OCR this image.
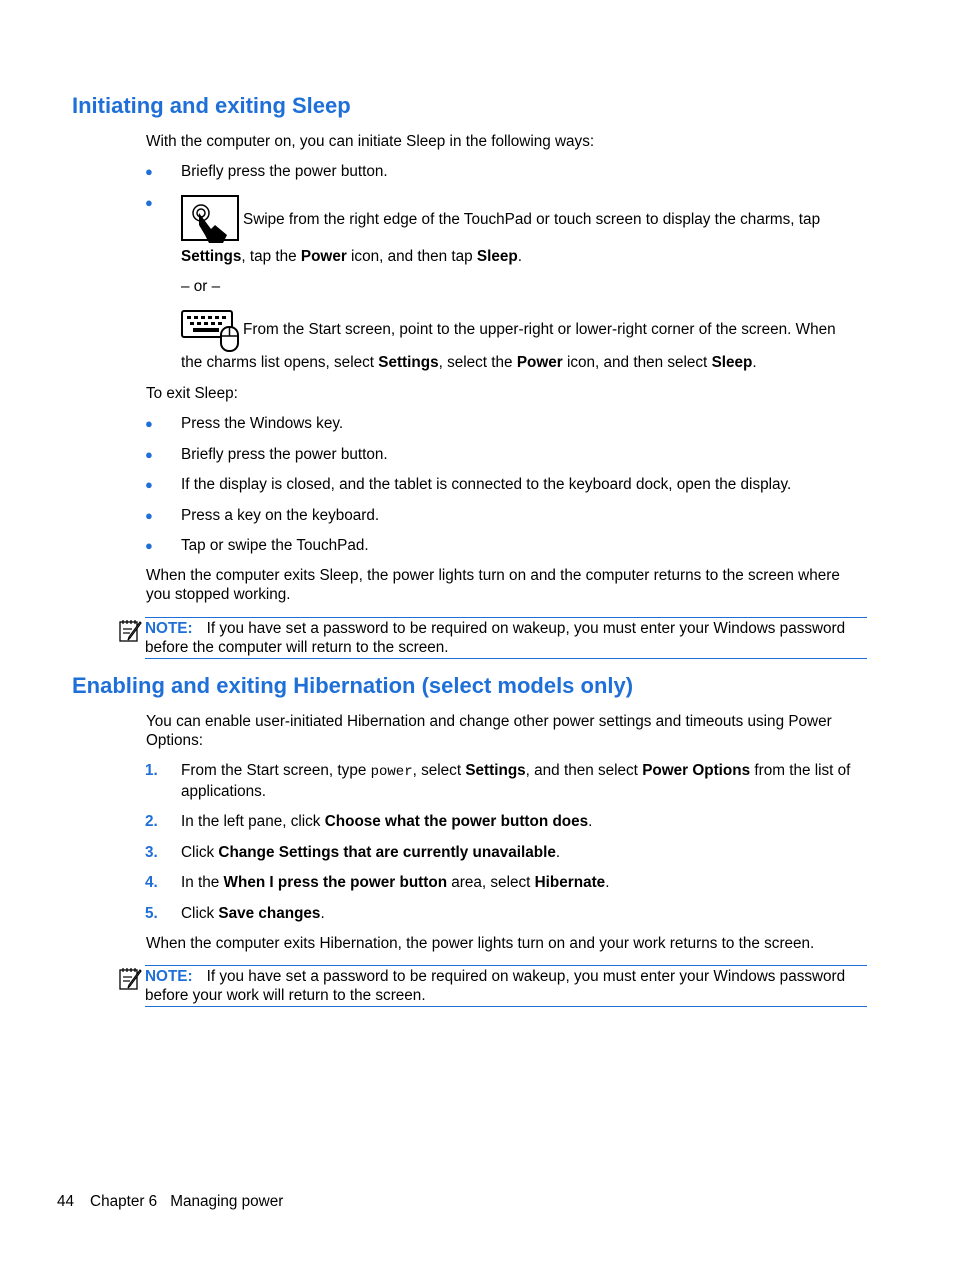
Initiating and exiting Sleep

With the computer on, you can initiate Sleep in the following ways:

● Briefly press the power button.

●

Swipe from the right edge of the TouchPad or touch screen to display the charms, tap

Settings, tap the Power icon, and then tap Sleep.

– or –

From the Start screen, point to the upper-right or lower-right corner of the screen. When

the charms list opens, select Settings, select the Power icon, and then select Sleep.

To exit Sleep:

● Press the Windows key.

● Briefly press the power button.

● If the display is closed, and the tablet is connected to the keyboard dock, open the display.

● Press a key on the keyboard.

● Tap or swipe the TouchPad.

When the computer exits Sleep, the power lights turn on and the computer returns to the screen where you stopped working.

NOTE: If you have set a password to be required on wakeup, you must enter your Windows password before the computer will return to the screen.
Enabling and exiting Hibernation (select models only)

You can enable user-initiated Hibernation and change other power settings and timeouts using Power Options:

1.	From the Start screen, type power, select Settings, and then select Power Options from the list of applications.

2.	In the left pane, click Choose what the power button does.

3.	Click Change Settings that are currently unavailable.

4.	In the When I press the power button area, select Hibernate.

5.	Click Save changes.

When the computer exits Hibernation, the power lights turn on and your work returns to the screen.

NOTE: If you have set a password to be required on wakeup, you must enter your Windows password before your work will return to the screen.

44 Chapter 6 Managing power
